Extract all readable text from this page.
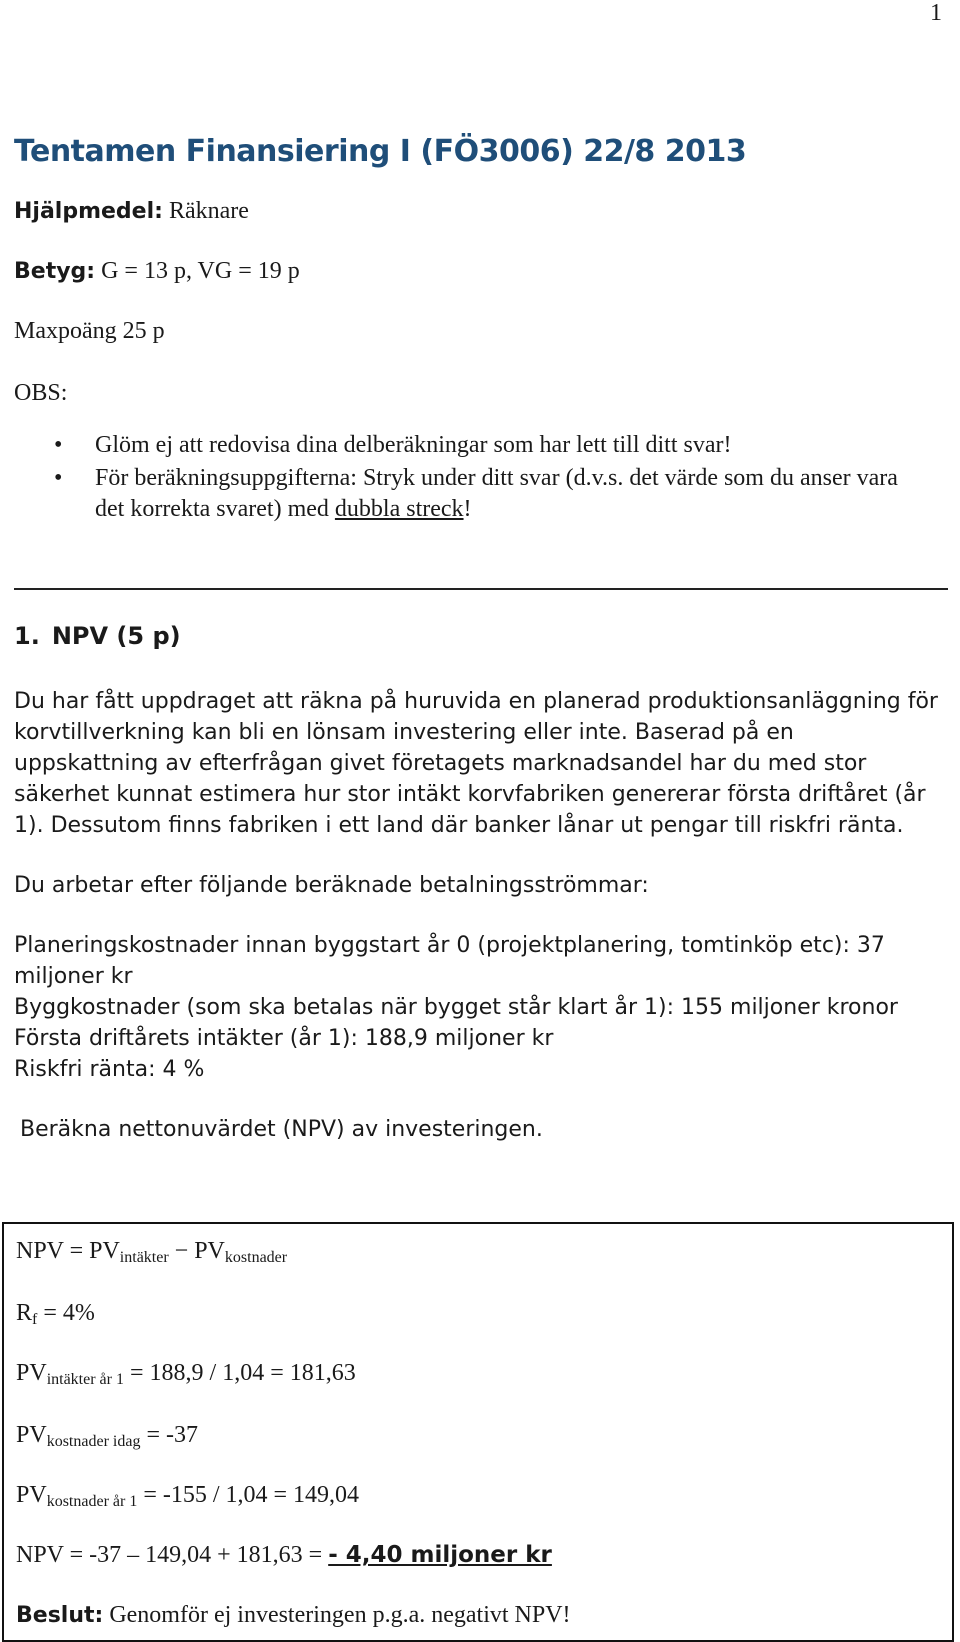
1
Tentamen Finansiering I (FÖ3006) 22/8 2013
Hjälpmedel: Räknare
Betyg: G = 13 p, VG = 19 p
Maxpoäng 25 p
OBS:
• Glöm ej att redovisa dina delberäkningar som har lett till ditt svar!
• För beräkningsuppgifterna: Stryk under ditt svar (d.v.s. det värde som du anser vara det korrekta svaret) med dubbla streck!
1. NPV (5 p)

Du har fått uppdraget att räkna på huruvida en planerad produktionsanläggning för korvtillverkning kan bli en lönsam investering eller inte. Baserad på en uppskattning av efterfrågan givet företagets marknadsandel har du med stor säkerhet kunnat estimera hur stor intäkt korvfabriken genererar första driftåret (år 1). Dessutom finns fabriken i ett land där banker lånar ut pengar till riskfri ränta.

Du arbetar efter följande beräknade betalningsströmmar:

Planeringskostnader innan byggstart år 0 (projektplanering, tomtinköp etc): 37 miljoner kr
Byggkostnader (som ska betalas när bygget står klart år 1): 155 miljoner kronor
Första driftårets intäkter (år 1): 188,9 miljoner kr
Riskfri ränta: 4 %

Beräkna nettonuvärdet (NPV) av investeringen.

NPV = $PV_{intäkter} - PV_{kostnader}$
$R_f = 4\%$
$PV_{intäkter år 1} = 188,9 / 1,04 = 181,63$
$PV_{kostnader idag} = -37$
$PV_{kostnader år 1} = -155 / 1,04 = 149,04$
NPV = -37 – 149,04 + 181,63 = - 4,40 miljoner kr
Beslut: Genomför ej investeringen p.g.a. negativt NPV!
